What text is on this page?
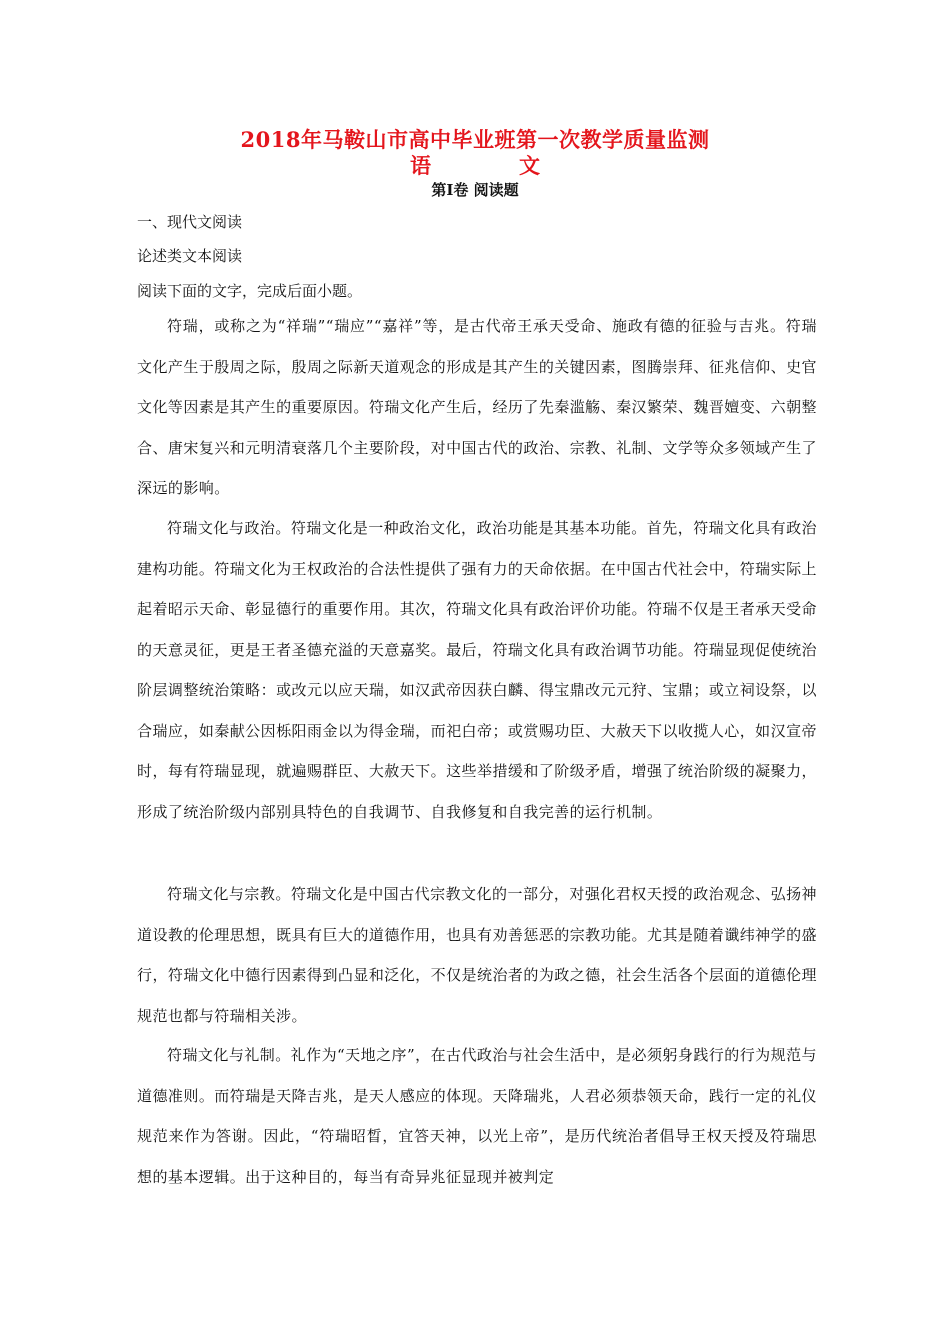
2018年马鞍山市高中毕业班第一次教学质量监测
语	文
第Ⅰ卷 阅读题

一、现代文阅读

论述类文本阅读

阅读下面的文字，完成后面小题。

符瑞，或称之为“祥瑞”“瑞应”“嘉祥”等，是古代帝王承天受命、施政有德的征验与吉兆。符瑞文化产生于殷周之际，殷周之际新天道观念的形成是其产生的关键因素，图腾崇拜、征兆信仰、史官文化等因素是其产生的重要原因。符瑞文化产生后，经历了先秦滥觞、秦汉繁荣、魏晋嬗变、六朝整合、唐宋复兴和元明清衰落几个主要阶段，对中国古代的政治、宗教、礼制、文学等众多领域产生了深远的影响。

符瑞文化与政治。符瑞文化是一种政治文化，政治功能是其基本功能。首先，符瑞文化具有政治建构功能。符瑞文化为王权政治的合法性提供了强有力的天命依据。在中国古代社会中，符瑞实际上起着昭示天命、彰显德行的重要作用。其次，符瑞文化具有政治评价功能。符瑞不仅是王者承天受命的天意灵征，更是王者圣德充溢的天意嘉奖。最后，符瑞文化具有政治调节功能。符瑞显现促使统治阶层调整统治策略：或改元以应天瑞，如汉武帝因获白麟、得宝鼎改元元狩、宝鼎；或立祠设祭，以合瑞应，如秦献公因栎阳雨金以为得金瑞，而祀白帝；或赏赐功臣、大赦天下以收揽人心，如汉宣帝时，每有符瑞显现，就遍赐群臣、大赦天下。这些举措缓和了阶级矛盾，增强了统治阶级的凝聚力，形成了统治阶级内部别具特色的自我调节、自我修复和自我完善的运行机制。

符瑞文化与宗教。符瑞文化是中国古代宗教文化的一部分，对强化君权天授的政治观念、弘扬神道设教的伦理思想，既具有巨大的道德作用，也具有劝善惩恶的宗教功能。尤其是随着谶纬神学的盛行，符瑞文化中德行因素得到凸显和泛化，不仅是统治者的为政之德，社会生活各个层面的道德伦理规范也都与符瑞相关涉。

符瑞文化与礼制。礼作为“天地之序”，在古代政治与社会生活中，是必须躬身践行的行为规范与道德准则。而符瑞是天降吉兆，是天人感应的体现。天降瑞兆，人君必须恭领天命，践行一定的礼仪规范来作为答谢。因此，“符瑞昭晳，宜答天神，以光上帝”，是历代统治者倡导王权天授及符瑞思想的基本逻辑。出于这种目的，每当有奇异兆征显现并被判定
